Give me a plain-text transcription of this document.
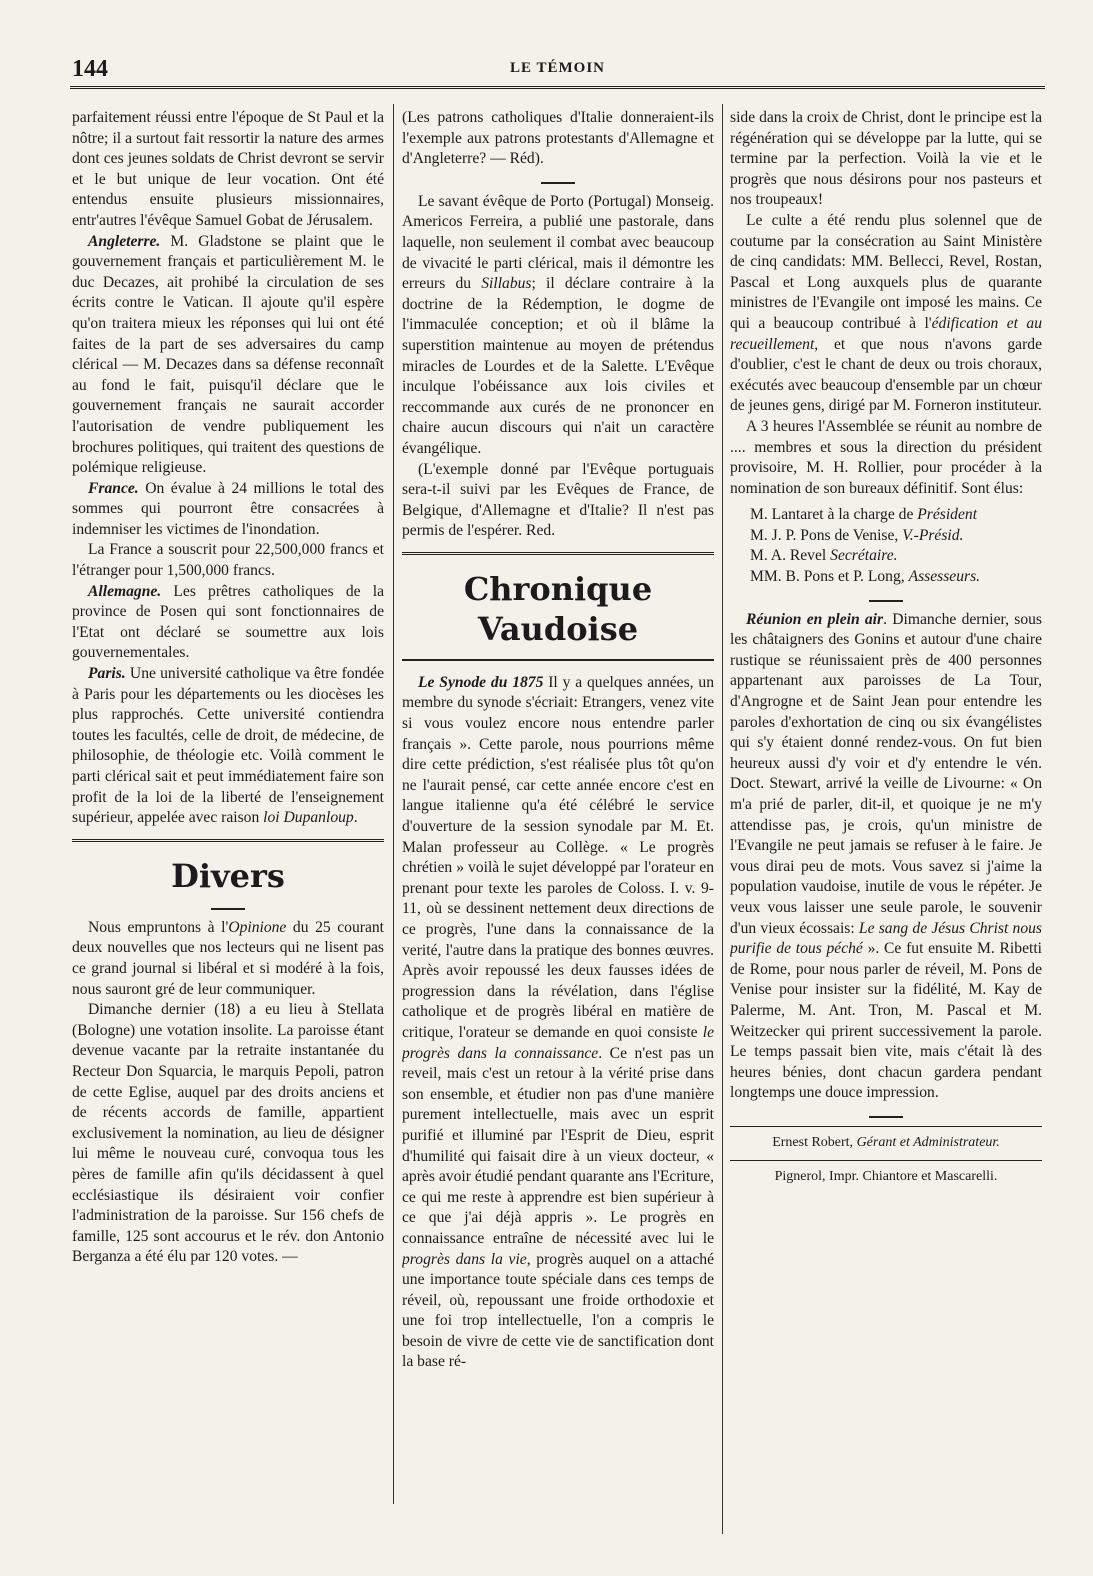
144	LE TÉMOIN

parfaitement réussi entre l'époque de St Paul et la nôtre; il a surtout fait ressortir la nature des armes dont ces jeunes soldats de Christ devront se servir et le but unique de leur vocation. Ont été entendus ensuite plusieurs missionnaires, entr'autres l'évêque Samuel Gobat de Jérusalem.

Angleterre. M. Gladstone se plaint que le gouvernement français et particulièrement M. le duc Decazes, ait prohibé la circulation de ses écrits contre le Vatican. Il ajoute qu'il espère qu'on traitera mieux les réponses qui lui ont été faites de la part de ses adversaires du camp clérical — M. Decazes dans sa défense reconnaît au fond le fait, puisqu'il déclare que le gouvernement français ne saurait accorder l'autorisation de vendre publiquement les brochures politiques, qui traitent des questions de polémique religieuse.

France. On évalue à 24 millions le total des sommes qui pourront être consacrées à indemniser les victimes de l'inondation.

La France a souscrit pour 22,500,000 francs et l'étranger pour 1,500,000 francs.

Allemagne. Les prêtres catholiques de la province de Posen qui sont fonctionnaires de l'Etat ont déclaré se soumettre aux lois gouvernementales.

Paris. Une université catholique va être fondée à Paris pour les départements ou les diocèses les plus rapprochés. Cette université contiendra toutes les facultés, celle de droit, de médecine, de philosophie, de théologie etc. Voilà comment le parti clérical sait et peut immédiatement faire son profit de la loi de la liberté de l'enseignement supérieur, appelée avec raison loi Dupanloup.

Divers

Nous empruntons à l'Opinione du 25 courant deux nouvelles que nos lecteurs qui ne lisent pas ce grand journal si libéral et si modéré à la fois, nous sauront gré de leur communiquer.

Dimanche dernier (18) a eu lieu à Stellata (Bologne) une votation insolite. La paroisse étant devenue vacante par la retraite instantanée du Recteur Don Squarcia, le marquis Pepoli, patron de cette Eglise, auquel par des droits anciens et de récents accords de famille, appartient exclusivement la nomination, au lieu de désigner lui même le nouveau curé, convoqua tous les pères de famille afin qu'ils décidassent à quel ecclésiastique ils désiraient voir confier l'administration de la paroisse. Sur 156 chefs de famille, 125 sont accourus et le rév. don Antonio Berganza a été élu par 120 votes. —

(Les patrons catholiques d'Italie donneraient-ils l'exemple aux patrons protestants d'Allemagne et d'Angleterre? — Réd).

Le savant évêque de Porto (Portugal) Monseig. Americos Ferreira, a publié une pastorale, dans laquelle, non seulement il combat avec beaucoup de vivacité le parti clérical, mais il démontre les erreurs du Sillabus; il déclare contraire à la doctrine de la Rédemption, le dogme de l'immaculée conception; et où il blâme la superstition maintenue au moyen de prétendus miracles de Lourdes et de la Salette. L'Evêque inculque l'obéissance aux lois civiles et reccommande aux curés de ne prononcer en chaire aucun discours qui n'ait un caractère évangélique.

(L'exemple donné par l'Evêque portuguais sera-t-il suivi par les Evêques de France, de Belgique, d'Allemagne et d'Italie? Il n'est pas permis de l'espérer. Red.

Chronique Vaudoise

Le Synode du 1875 Il y a quelques années, un membre du synode s'écriait: Etrangers, venez vite si vous voulez encore nous entendre parler français ». Cette parole, nous pourrions même dire cette prédiction, s'est réalisée plus tôt qu'on ne l'aurait pensé, car cette année encore c'est en langue italienne qu'a été célébré le service d'ouverture de la session synodale par M. Et. Malan professeur au Collège. « Le progrès chrétien » voilà le sujet développé par l'orateur en prenant pour texte les paroles de Coloss. I. v. 9-11, où se dessinent nettement deux directions de ce progrès, l'une dans la connaissance de la verité, l'autre dans la pratique des bonnes œuvres. Après avoir repoussé les deux fausses idées de progression dans la révélation, dans l'église catholique et de progrès libéral en matière de critique, l'orateur se demande en quoi consiste le progrès dans la connaissance. Ce n'est pas un reveil, mais c'est un retour à la vérité prise dans son ensemble, et étudier non pas d'une manière purement intellectuelle, mais avec un esprit purifié et illuminé par l'Esprit de Dieu, esprit d'humilité qui faisait dire à un vieux docteur, « après avoir étudié pendant quarante ans l'Ecriture, ce qui me reste à apprendre est bien supérieur à ce que j'ai déjà appris ». Le progrès en connaissance entraîne de nécessité avec lui le progrès dans la vie, progrès auquel on a attaché une importance toute spéciale dans ces temps de réveil, où, repoussant une froide orthodoxie et une foi trop intellectuelle, l'on a compris le besoin de vivre de cette vie de sanctification dont la base ré-

side dans la croix de Christ, dont le principe est la régénération qui se développe par la lutte, qui se termine par la perfection. Voilà la vie et le progrès que nous désirons pour nos pasteurs et nos troupeaux!

Le culte a été rendu plus solennel que de coutume par la consécration au Saint Ministère de cinq candidats: MM. Bellecci, Revel, Rostan, Pascal et Long auxquels plus de quarante ministres de l'Evangile ont imposé les mains. Ce qui a beaucoup contribué à l'édification et au recueillement, et que nous n'avons garde d'oublier, c'est le chant de deux ou trois choraux, exécutés avec beaucoup d'ensemble par un chœur de jeunes gens, dirigé par M. Forneron instituteur.

A 3 heures l'Assemblée se réunit au nombre de .... membres et sous la direction du président provisoire, M. H. Rollier, pour procéder à la nomination de son bureaux définitif. Sont élus:

M. Lantaret à la charge de Président
M. J. P. Pons de Venise, V.-Présid.
M. A. Revel Secrétaire.
MM. B. Pons et P. Long, Assesseurs.

Réunion en plein air. Dimanche dernier, sous les châtaigners des Gonins et autour d'une chaire rustique se réunissaient près de 400 personnes appartenant aux paroisses de La Tour, d'Angrogne et de Saint Jean pour entendre les paroles d'exhortation de cinq ou six évangélistes qui s'y étaient donné rendez-vous. On fut bien heureux aussi d'y voir et d'y entendre le vén. Doct. Stewart, arrivé la veille de Livourne: « On m'a prié de parler, dit-il, et quoique je ne m'y attendisse pas, je crois, qu'un ministre de l'Evangile ne peut jamais se refuser à le faire. Je vous dirai peu de mots. Vous savez si j'aime la population vaudoise, inutile de vous le répéter. Je veux vous laisser une seule parole, le souvenir d'un vieux écossais: Le sang de Jésus Christ nous purifie de tous péché ». Ce fut ensuite M. Ribetti de Rome, pour nous parler de réveil, M. Pons de Venise pour insister sur la fidélité, M. Kay de Palerme, M. Ant. Tron, M. Pascal et M. Weitzecker qui prirent successivement la parole. Le temps passait bien vite, mais c'était là des heures bénies, dont chacun gardera pendant longtemps une douce impression.

Ernest Robert, Gérant et Administrateur.

Pignerol, Impr. Chiantore et Mascarelli.
